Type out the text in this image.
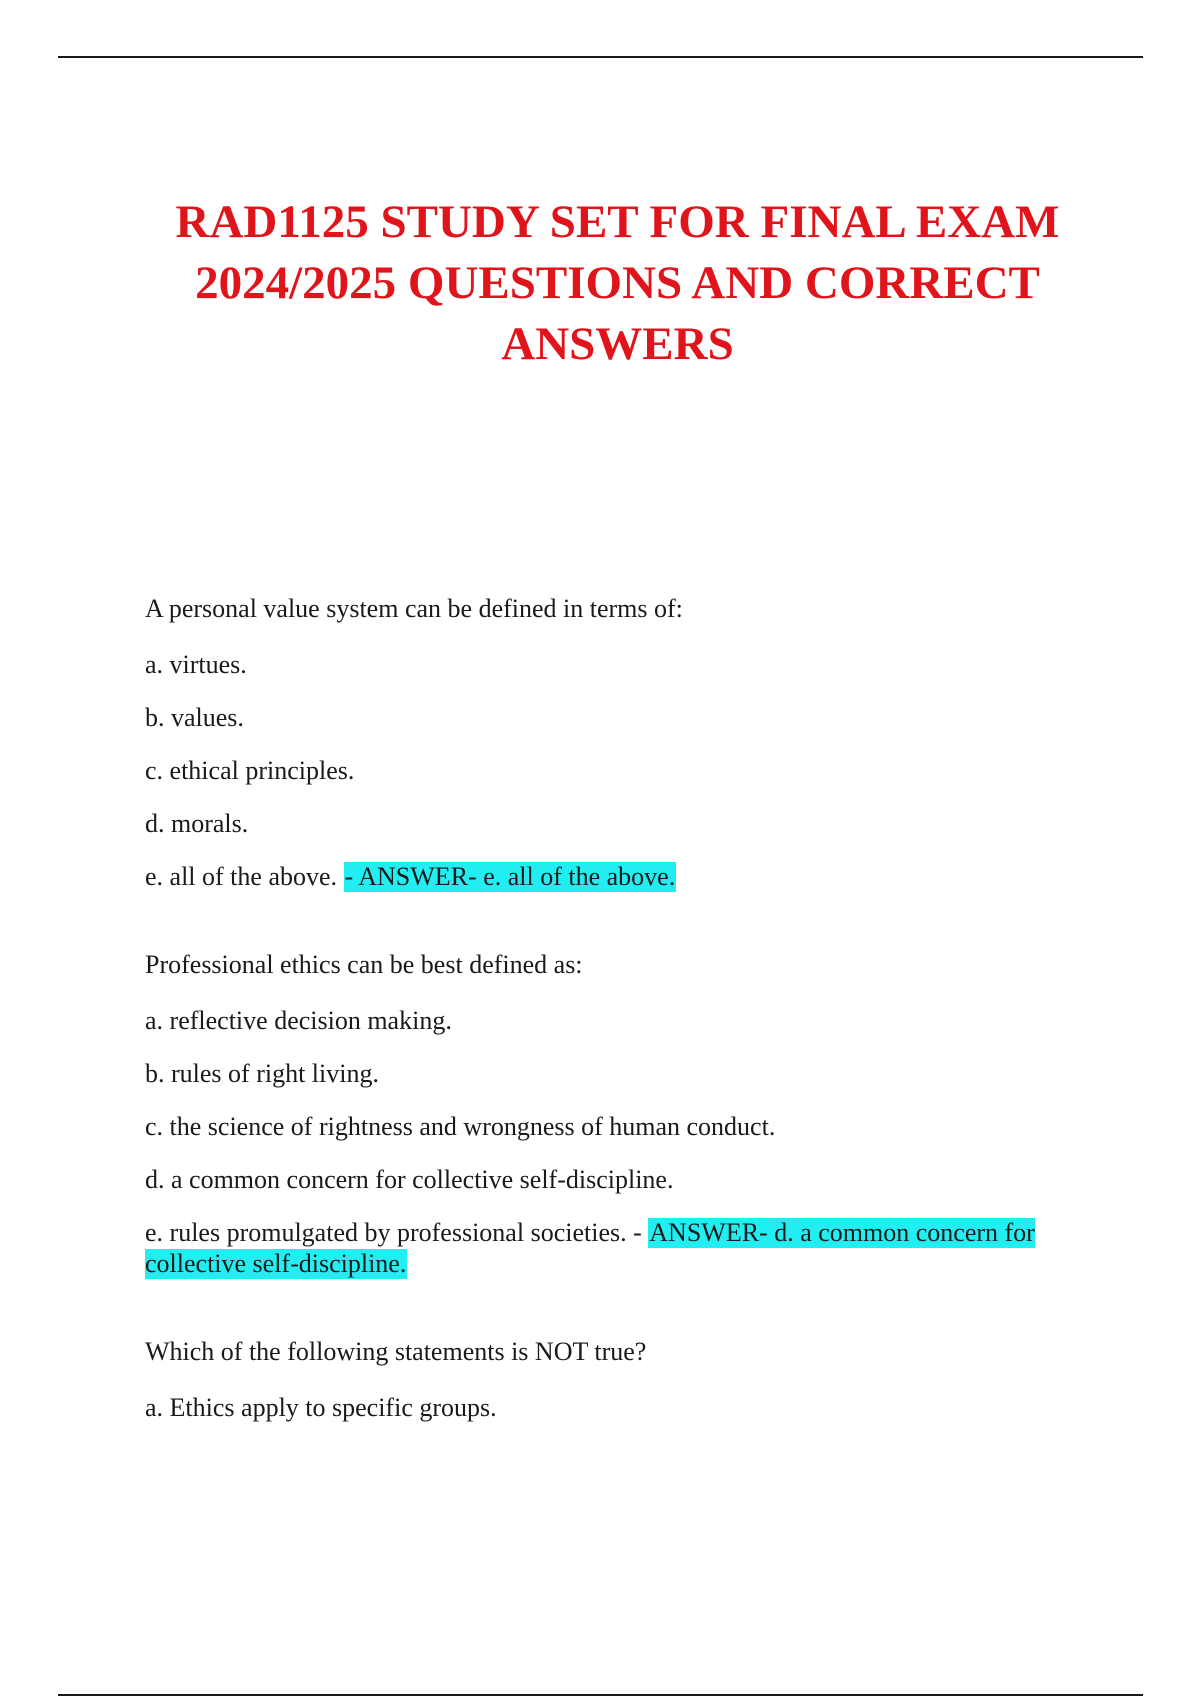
RAD1125 STUDY SET FOR FINAL EXAM 2024/2025 QUESTIONS AND CORRECT ANSWERS

A personal value system can be defined in terms of:

a. virtues.

b. values.

c. ethical principles.

d. morals.

e. all of the above. - ANSWER- e. all of the above.

Professional ethics can be best defined as:

a. reflective decision making.

b. rules of right living.

c. the science of rightness and wrongness of human conduct.

d. a common concern for collective self-discipline.

e. rules promulgated by professional societies. - ANSWER- d. a common concern for collective self-discipline.

Which of the following statements is NOT true?

a. Ethics apply to specific groups.
